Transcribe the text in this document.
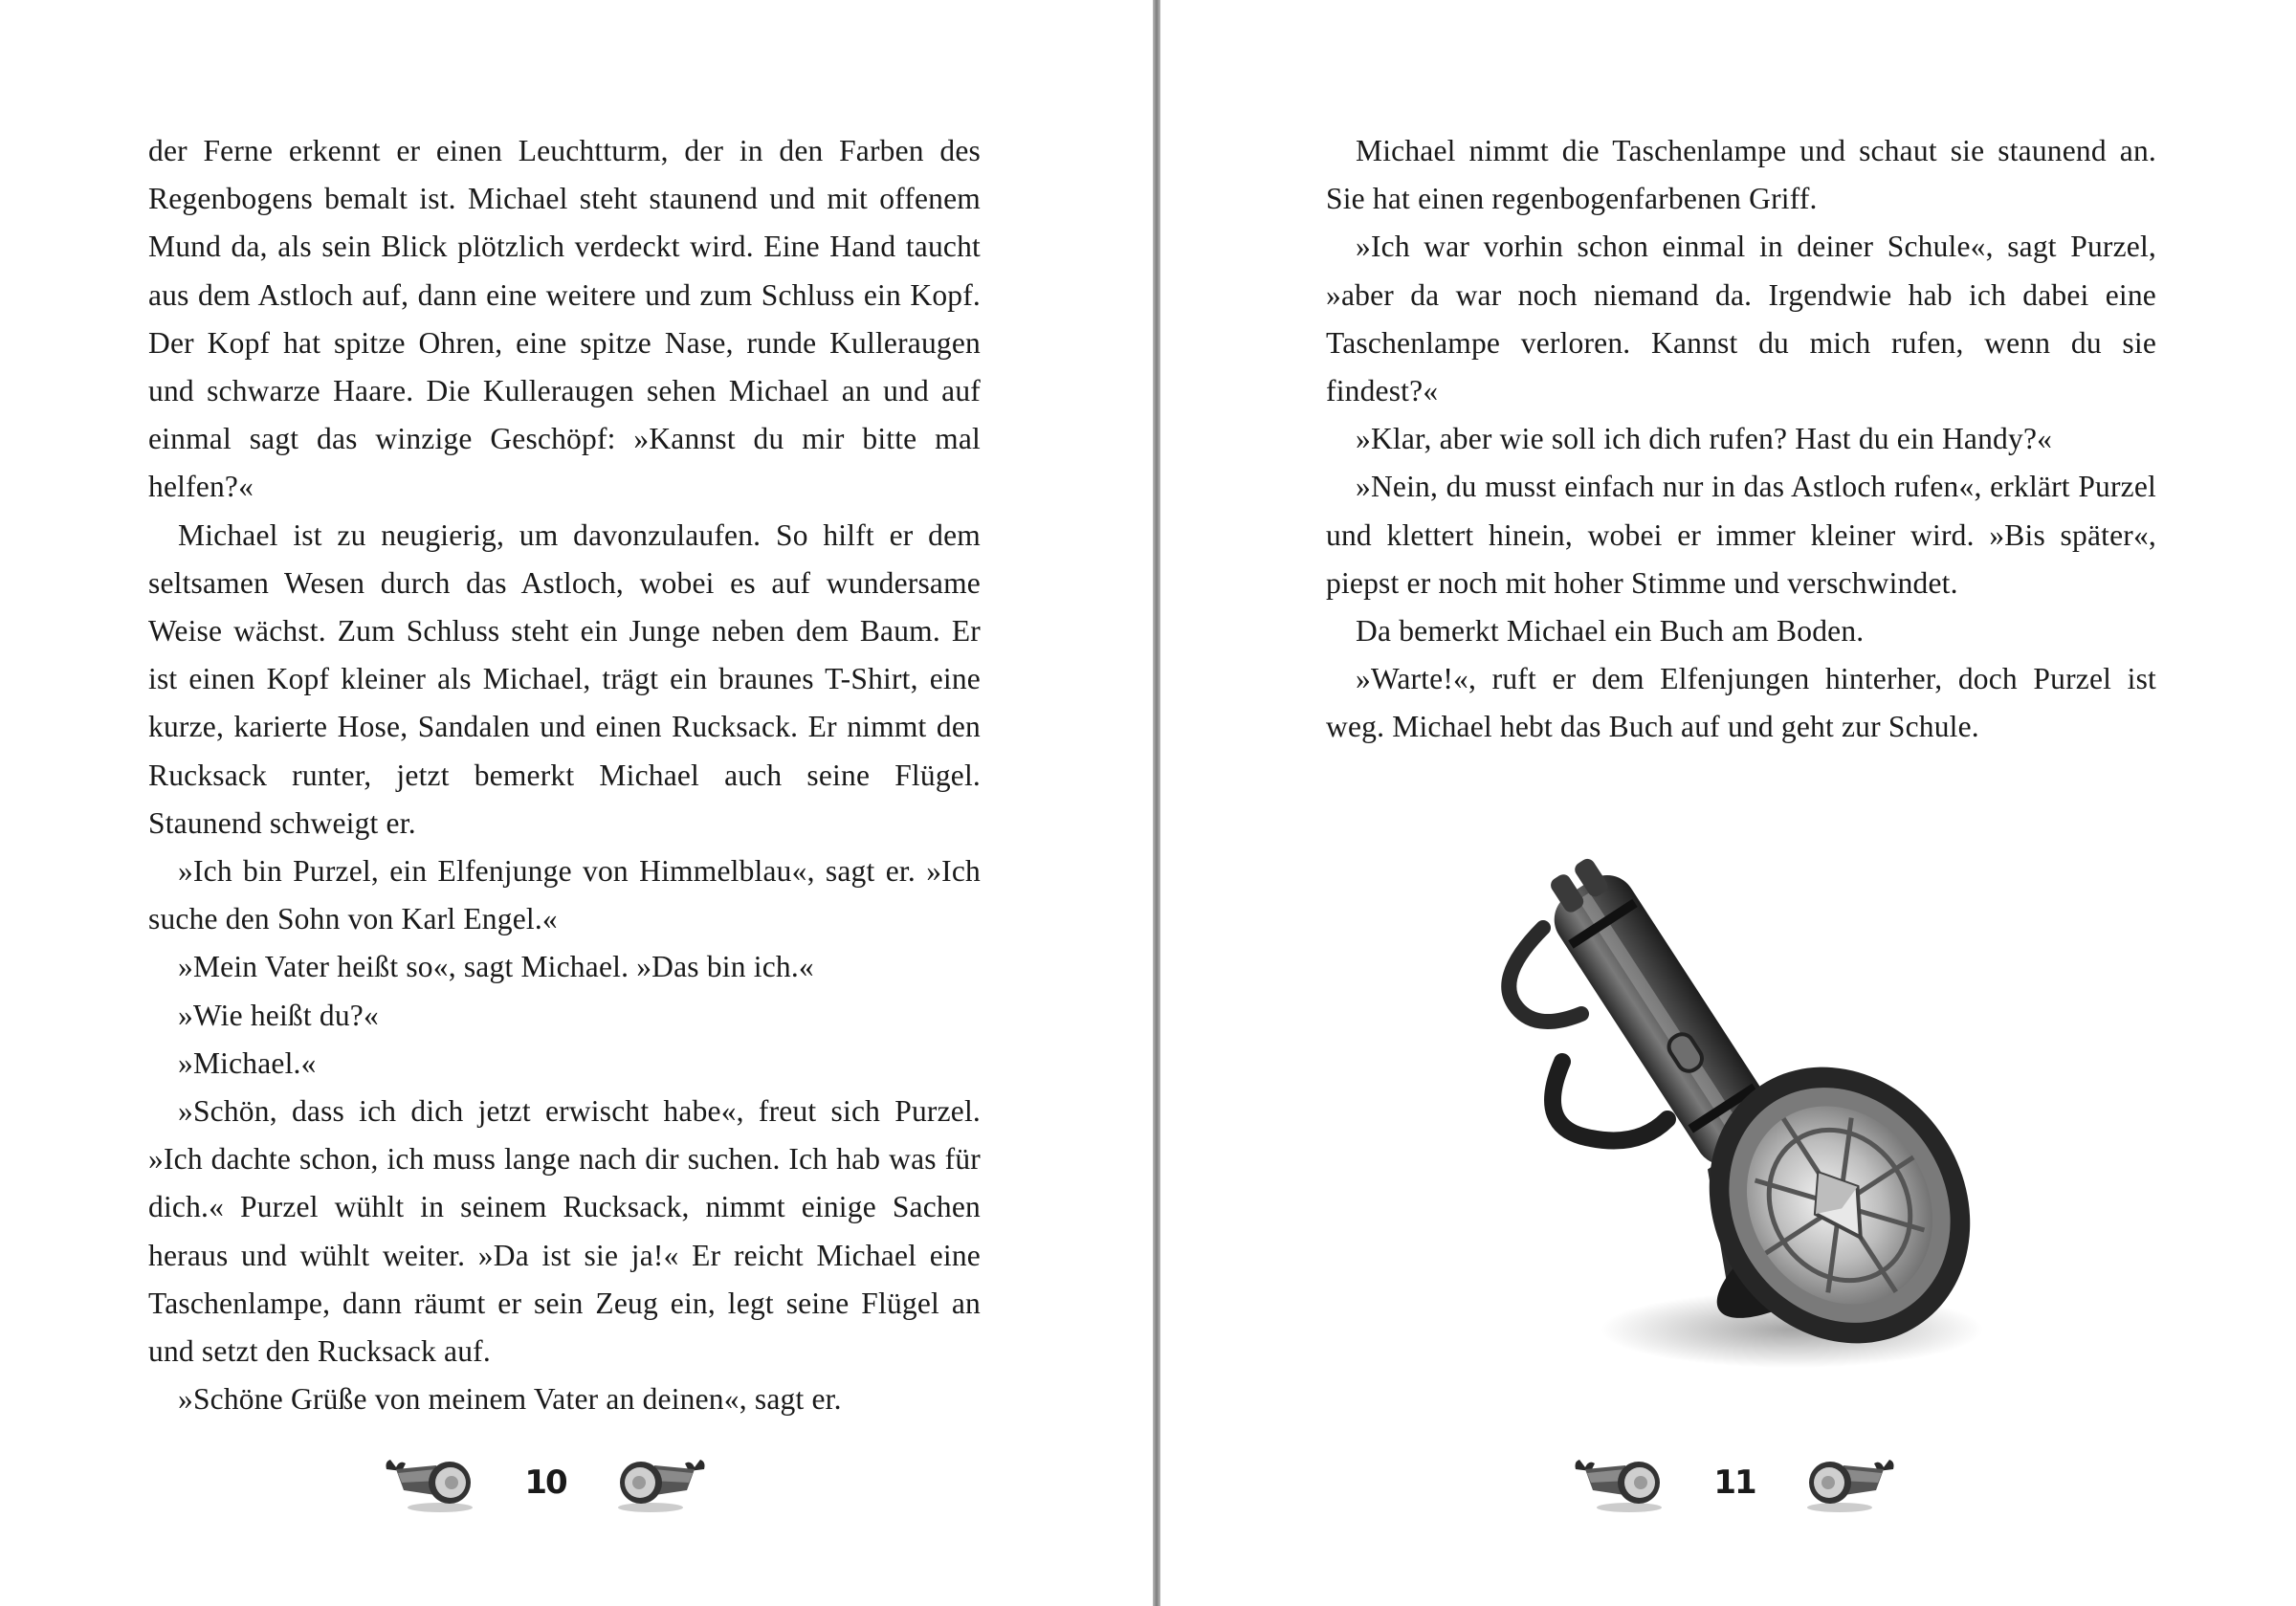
der Ferne erkennt er einen Leuchtturm, der in den Farben des Regenbogens bemalt ist. Michael steht staunend und mit offenem Mund da, als sein Blick plötzlich verdeckt wird. Eine Hand taucht aus dem Astloch auf, dann eine weitere und zum Schluss ein Kopf. Der Kopf hat spitze Ohren, eine spitze Nase, runde Kulleraugen und schwarze Haare. Die Kulleraugen sehen Michael an und auf einmal sagt das winzige Geschöpf: »Kannst du mir bitte mal helfen?«

Michael ist zu neugierig, um davonzulaufen. So hilft er dem seltsamen Wesen durch das Astloch, wobei es auf wundersame Weise wächst. Zum Schluss steht ein Junge neben dem Baum. Er ist einen Kopf kleiner als Michael, trägt ein braunes T-Shirt, eine kurze, karierte Hose, Sandalen und einen Rucksack. Er nimmt den Rucksack runter, jetzt bemerkt Michael auch seine Flügel. Staunend schweigt er.

»Ich bin Purzel, ein Elfenjunge von Himmelblau«, sagt er. »Ich suche den Sohn von Karl Engel.«

»Mein Vater heißt so«, sagt Michael. »Das bin ich.«

»Wie heißt du?«

»Michael.«

»Schön, dass ich dich jetzt erwischt habe«, freut sich Purzel. »Ich dachte schon, ich muss lange nach dir suchen. Ich hab was für dich.« Purzel wühlt in seinem Rucksack, nimmt einige Sachen heraus und wühlt weiter. »Da ist sie ja!« Er reicht Michael eine Taschenlampe, dann räumt er sein Zeug ein, legt seine Flügel an und setzt den Rucksack auf.

»Schöne Grüße von meinem Vater an deinen«, sagt er.

10

Michael nimmt die Taschenlampe und schaut sie staunend an. Sie hat einen regenbogenfarbenen Griff.

»Ich war vorhin schon einmal in deiner Schule«, sagt Purzel, »aber da war noch niemand da. Irgendwie hab ich dabei eine Taschenlampe verloren. Kannst du mich rufen, wenn du sie findest?«

»Klar, aber wie soll ich dich rufen? Hast du ein Handy?«

»Nein, du musst einfach nur in das Astloch rufen«, erklärt Purzel und klettert hinein, wobei er immer kleiner wird. »Bis später«, piepst er noch mit hoher Stimme und verschwindet.

Da bemerkt Michael ein Buch am Boden.

»Warte!«, ruft er dem Elfenjungen hinterher, doch Purzel ist weg. Michael hebt das Buch auf und geht zur Schule.

11
